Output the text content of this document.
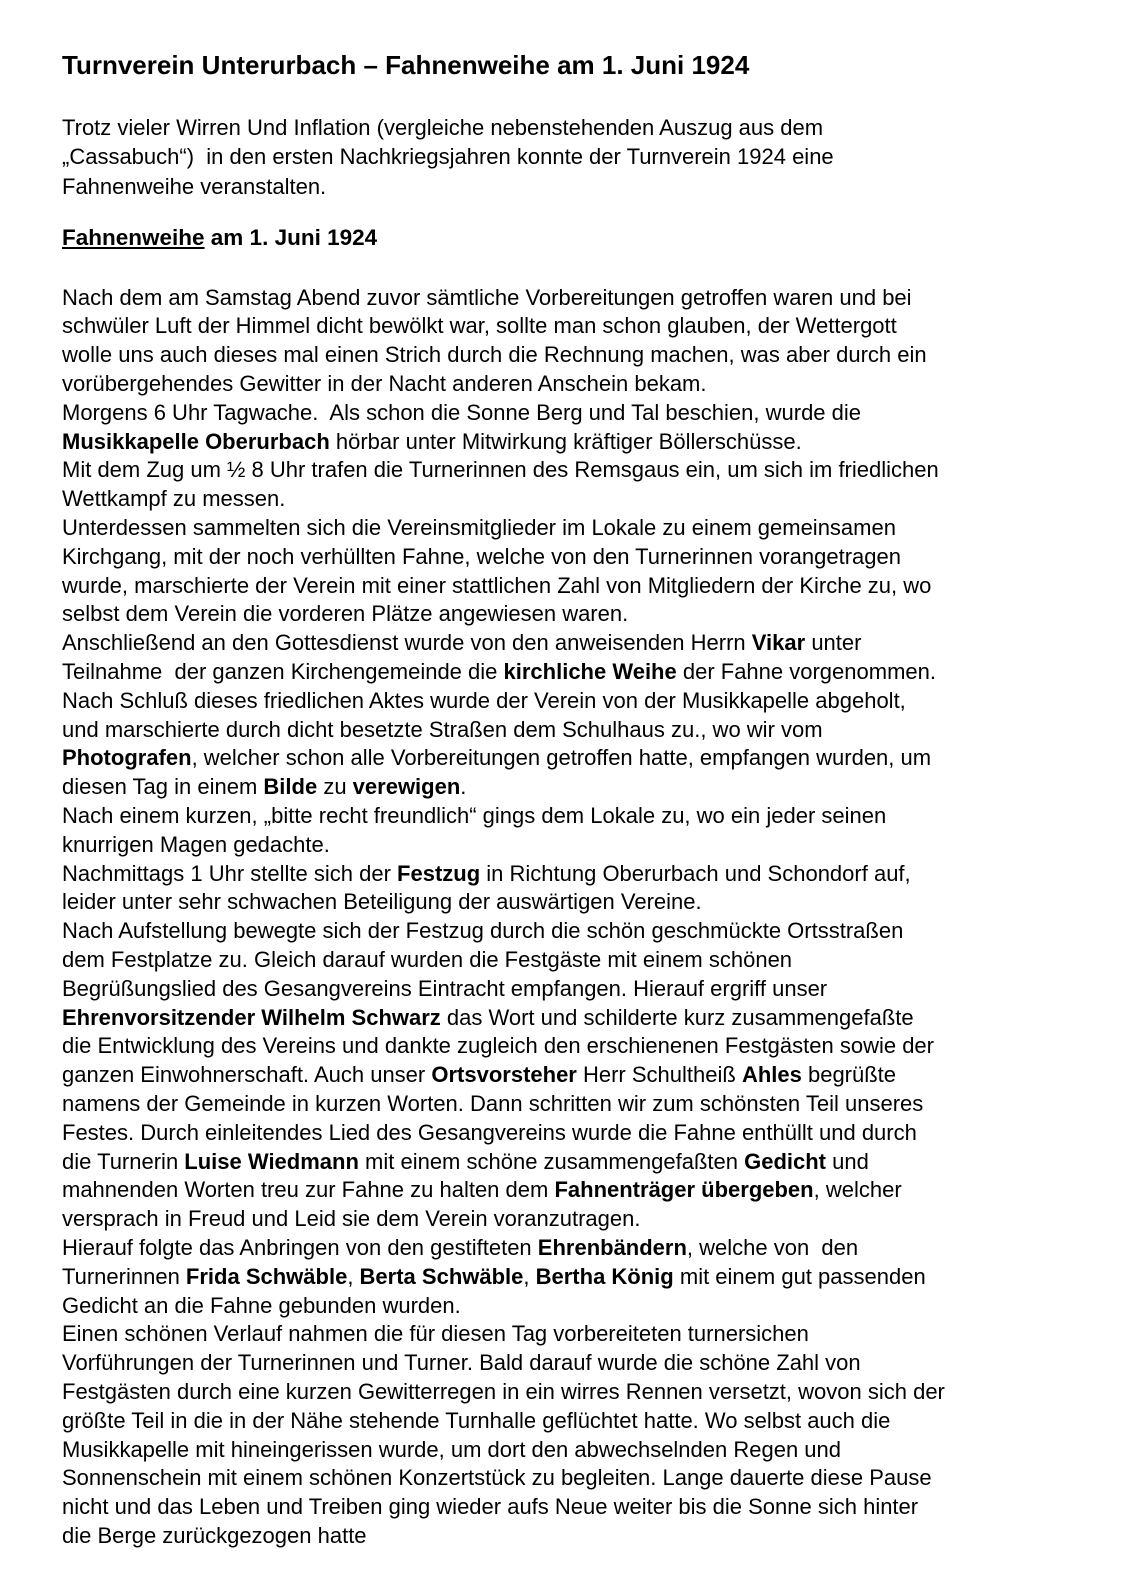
Turnverein Unterurbach – Fahnenweihe am 1. Juni 1924
Trotz vieler Wirren Und Inflation (vergleiche nebenstehenden Auszug aus dem
„Cassabuch“)  in den ersten Nachkriegsjahren konnte der Turnverein 1924 eine
Fahnenweihe veranstalten.
Fahnenweihe am 1. Juni 1924
Nach dem am Samstag Abend zuvor sämtliche Vorbereitungen getroffen waren und bei
schwüler Luft der Himmel dicht bewölkt war, sollte man schon glauben, der Wettergott
wolle uns auch dieses mal einen Strich durch die Rechnung machen, was aber durch ein
vorübergehendes Gewitter in der Nacht anderen Anschein bekam.
Morgens 6 Uhr Tagwache.  Als schon die Sonne Berg und Tal beschien, wurde die
Musikkapelle Oberurbach hörbar unter Mitwirkung kräftiger Böllerschüsse.
Mit dem Zug um ½ 8 Uhr trafen die Turnerinnen des Remsgaus ein, um sich im friedlichen
Wettkampf zu messen.
Unterdessen sammelten sich die Vereinsmitglieder im Lokale zu einem gemeinsamen
Kirchgang, mit der noch verhüllten Fahne, welche von den Turnerinnen vorangetragen
wurde, marschierte der Verein mit einer stattlichen Zahl von Mitgliedern der Kirche zu, wo
selbst dem Verein die vorderen Plätze angewiesen waren.
Anschließend an den Gottesdienst wurde von den anweisenden Herrn Vikar unter
Teilnahme  der ganzen Kirchengemeinde die kirchliche Weihe der Fahne vorgenommen.
Nach Schluß dieses friedlichen Aktes wurde der Verein von der Musikkapelle abgeholt,
und marschierte durch dicht besetzte Straßen dem Schulhaus zu., wo wir vom
Photografen, welcher schon alle Vorbereitungen getroffen hatte, empfangen wurden, um
diesen Tag in einem Bilde zu verewigen.
Nach einem kurzen, „bitte recht freundlich“ gings dem Lokale zu, wo ein jeder seinen
knurrigen Magen gedachte.
Nachmittags 1 Uhr stellte sich der Festzug in Richtung Oberurbach und Schondorf auf,
leider unter sehr schwachen Beteiligung der auswärtigen Vereine.
Nach Aufstellung bewegte sich der Festzug durch die schön geschmückte Ortsstraßen
dem Festplatze zu. Gleich darauf wurden die Festgäste mit einem schönen
Begrüßungslied des Gesangvereins Eintracht empfangen. Hierauf ergriff unser
Ehrenvorsitzender Wilhelm Schwarz das Wort und schilderte kurz zusammengefaßte
die Entwicklung des Vereins und dankte zugleich den erschienenen Festgästen sowie der
ganzen Einwohnerschaft. Auch unser Ortsvorsteher Herr Schultheiß Ahles begrüßte
namens der Gemeinde in kurzen Worten. Dann schritten wir zum schönsten Teil unseres
Festes. Durch einleitendes Lied des Gesangvereins wurde die Fahne enthüllt und durch
die Turnerin Luise Wiedmann mit einem schöne zusammengefaßten Gedicht und
mahnenden Worten treu zur Fahne zu halten dem Fahnenträger übergeben, welcher
versprach in Freud und Leid sie dem Verein voranzutragen.
Hierauf folgte das Anbringen von den gestifteten Ehrenbändern, welche von  den
Turnerinnen Frida Schwäble, Berta Schwäble, Bertha König mit einem gut passenden
Gedicht an die Fahne gebunden wurden.
Einen schönen Verlauf nahmen die für diesen Tag vorbereiteten turnersichen
Vorführungen der Turnerinnen und Turner. Bald darauf wurde die schöne Zahl von
Festgästen durch eine kurzen Gewitterregen in ein wirres Rennen versetzt, wovon sich der
größte Teil in die in der Nähe stehende Turnhalle geflüchtet hatte. Wo selbst auch die
Musikkapelle mit hineingerissen wurde, um dort den abwechselnden Regen und
Sonnenschein mit einem schönen Konzertstück zu begleiten. Lange dauerte diese Pause
nicht und das Leben und Treiben ging wieder aufs Neue weiter bis die Sonne sich hinter
die Berge zurückgezogen hatte
